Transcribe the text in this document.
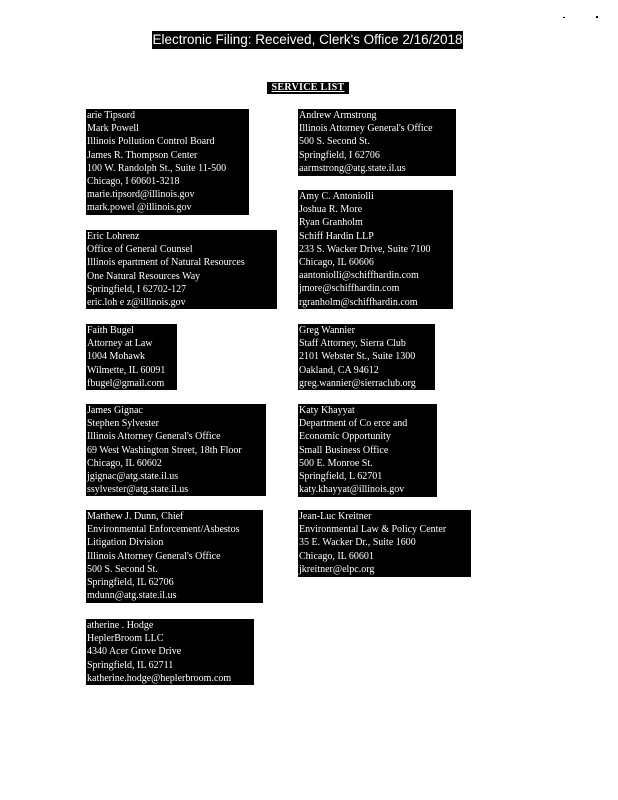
Electronic Filing: Received, Clerk's Office 2/16/2018
SERVICE LIST
arie Tipsord
Mark Powell
Illinois Pollution Control Board
James R. Thompson Center
100 W. Randolph St., Suite 11-500
Chicago, I 60601-3218
marie.tipsord@illinois.gov
mark.powel @illinois.gov
Eric Lohrenz
Office of General Counsel
Illinois epartment of Natural Resources
One Natural Resources Way
Springfield, I 62702-127
eric.loh e z@illinois.gov
Faith Bugel
Attorney at Law
1004 Mohawk
Wilmette, IL 60091
fbugel@gmail.com
James Gignac
Stephen Sylvester
Illinois Attorney General's Office
69 West Washington Street, 18th Floor
Chicago, IL 60602
jgignac@atg.state.il.us
ssylvester@atg.state.il.us
Matthew J. Dunn, Chief
Environmental Enforcement/Asbestos
Litigation Division
Illinois Attorney General's Office
500 S. Second St.
Springfield, IL 62706
mdunn@atg.state.il.us
atherine . Hodge
HeplerBroom LLC
4340 Acer Grove Drive
Springfield, IL 62711
katherine.hodge@heplerbroom.com
Andrew Armstrong
Illinois Attorney General's Office
500 S. Second St.
Springfield, I 62706
aarmstrong@atg.state.il.us
Amy C. Antoniolli
Joshua R. More
Ryan Granholm
Schiff Hardin LLP
233 S. Wacker Drive, Suite 7100
Chicago, IL 60606
aantoniolli@schiffhardin.com
jmore@schiffhardin.com
rgranholm@schiffhardin.com
Greg Wannier
Staff Attorney, Sierra Club
2101 Webster St., Suite 1300
Oakland, CA 94612
greg.wannier@sierraclub.org
Katy Khayyat
Department of Co erce and
Economic Opportunity
Small Business Office
500 E. Monroe St.
Springfield, L 62701
katy.khayyat@illinois.gov
Jean-Luc Kreitner
Environmental Law & Policy Center
35 E. Wacker Dr., Suite 1600
Chicago, IL 60601
jkreitner@elpc.org
